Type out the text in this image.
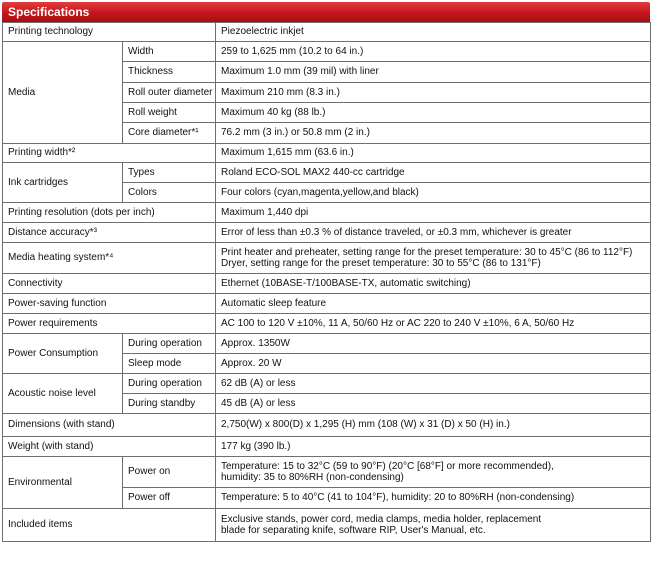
Specifications
Printing technology		Piezoelectric inkjet
Media	Width	259 to 1,625 mm (10.2 to 64 in.)
	Thickness	Maximum 1.0 mm (39 mil) with liner
	Roll outer diameter	Maximum 210 mm (8.3 in.)
	Roll weight	Maximum 40 kg (88 lb.)
	Core diameter*¹	76.2 mm (3 in.) or 50.8 mm (2 in.)
Printing width*²		Maximum 1,615 mm (63.6 in.)
Ink cartridges	Types	Roland ECO-SOL MAX2 440-cc cartridge
	Colors	Four colors (cyan,magenta,yellow,and black)
Printing resolution (dots per inch)		Maximum 1,440 dpi
Distance accuracy*³		Error of less than ±0.3 % of distance traveled, or ±0.3 mm, whichever is greater
Media heating system*⁴		Print heater and preheater, setting range for the preset temperature: 30 to 45°C (86 to 112°F)
Dryer, setting range for the preset temperature: 30 to 55°C (86 to 131°F)

Connectivity		Ethernet (10BASE-T/100BASE-TX, automatic switching)
Power-saving function		Automatic sleep feature
Power requirements		AC 100 to 120 V ±10%, 11 A, 50/60 Hz or AC 220 to 240 V ±10%, 6 A, 50/60 Hz
Power Consumption	During operation	Approx. 1350W
	Sleep mode	Approx. 20 W
Acoustic noise level	During operation	62 dB (A) or less
	During standby	45 dB (A) or less
Dimensions (with stand)		2,750(W) x 800(D) x 1,295 (H) mm (108 (W) x 31 (D) x 50 (H) in.)
Weight (with stand)		177 kg (390 lb.)
Environmental	Power on	Temperature: 15 to 32°C (59 to 90°F) (20°C [68°F] or more recommended),
humidity: 35 to 80%RH (non-condensing)

	Power off	Temperature: 5 to 40°C (41 to 104°F), humidity: 20 to 80%RH (non-condensing)
Included items		Exclusive stands, power cord, media clamps, media holder, replacement
blade for separating knife, software RIP, User's Manual, etc.
